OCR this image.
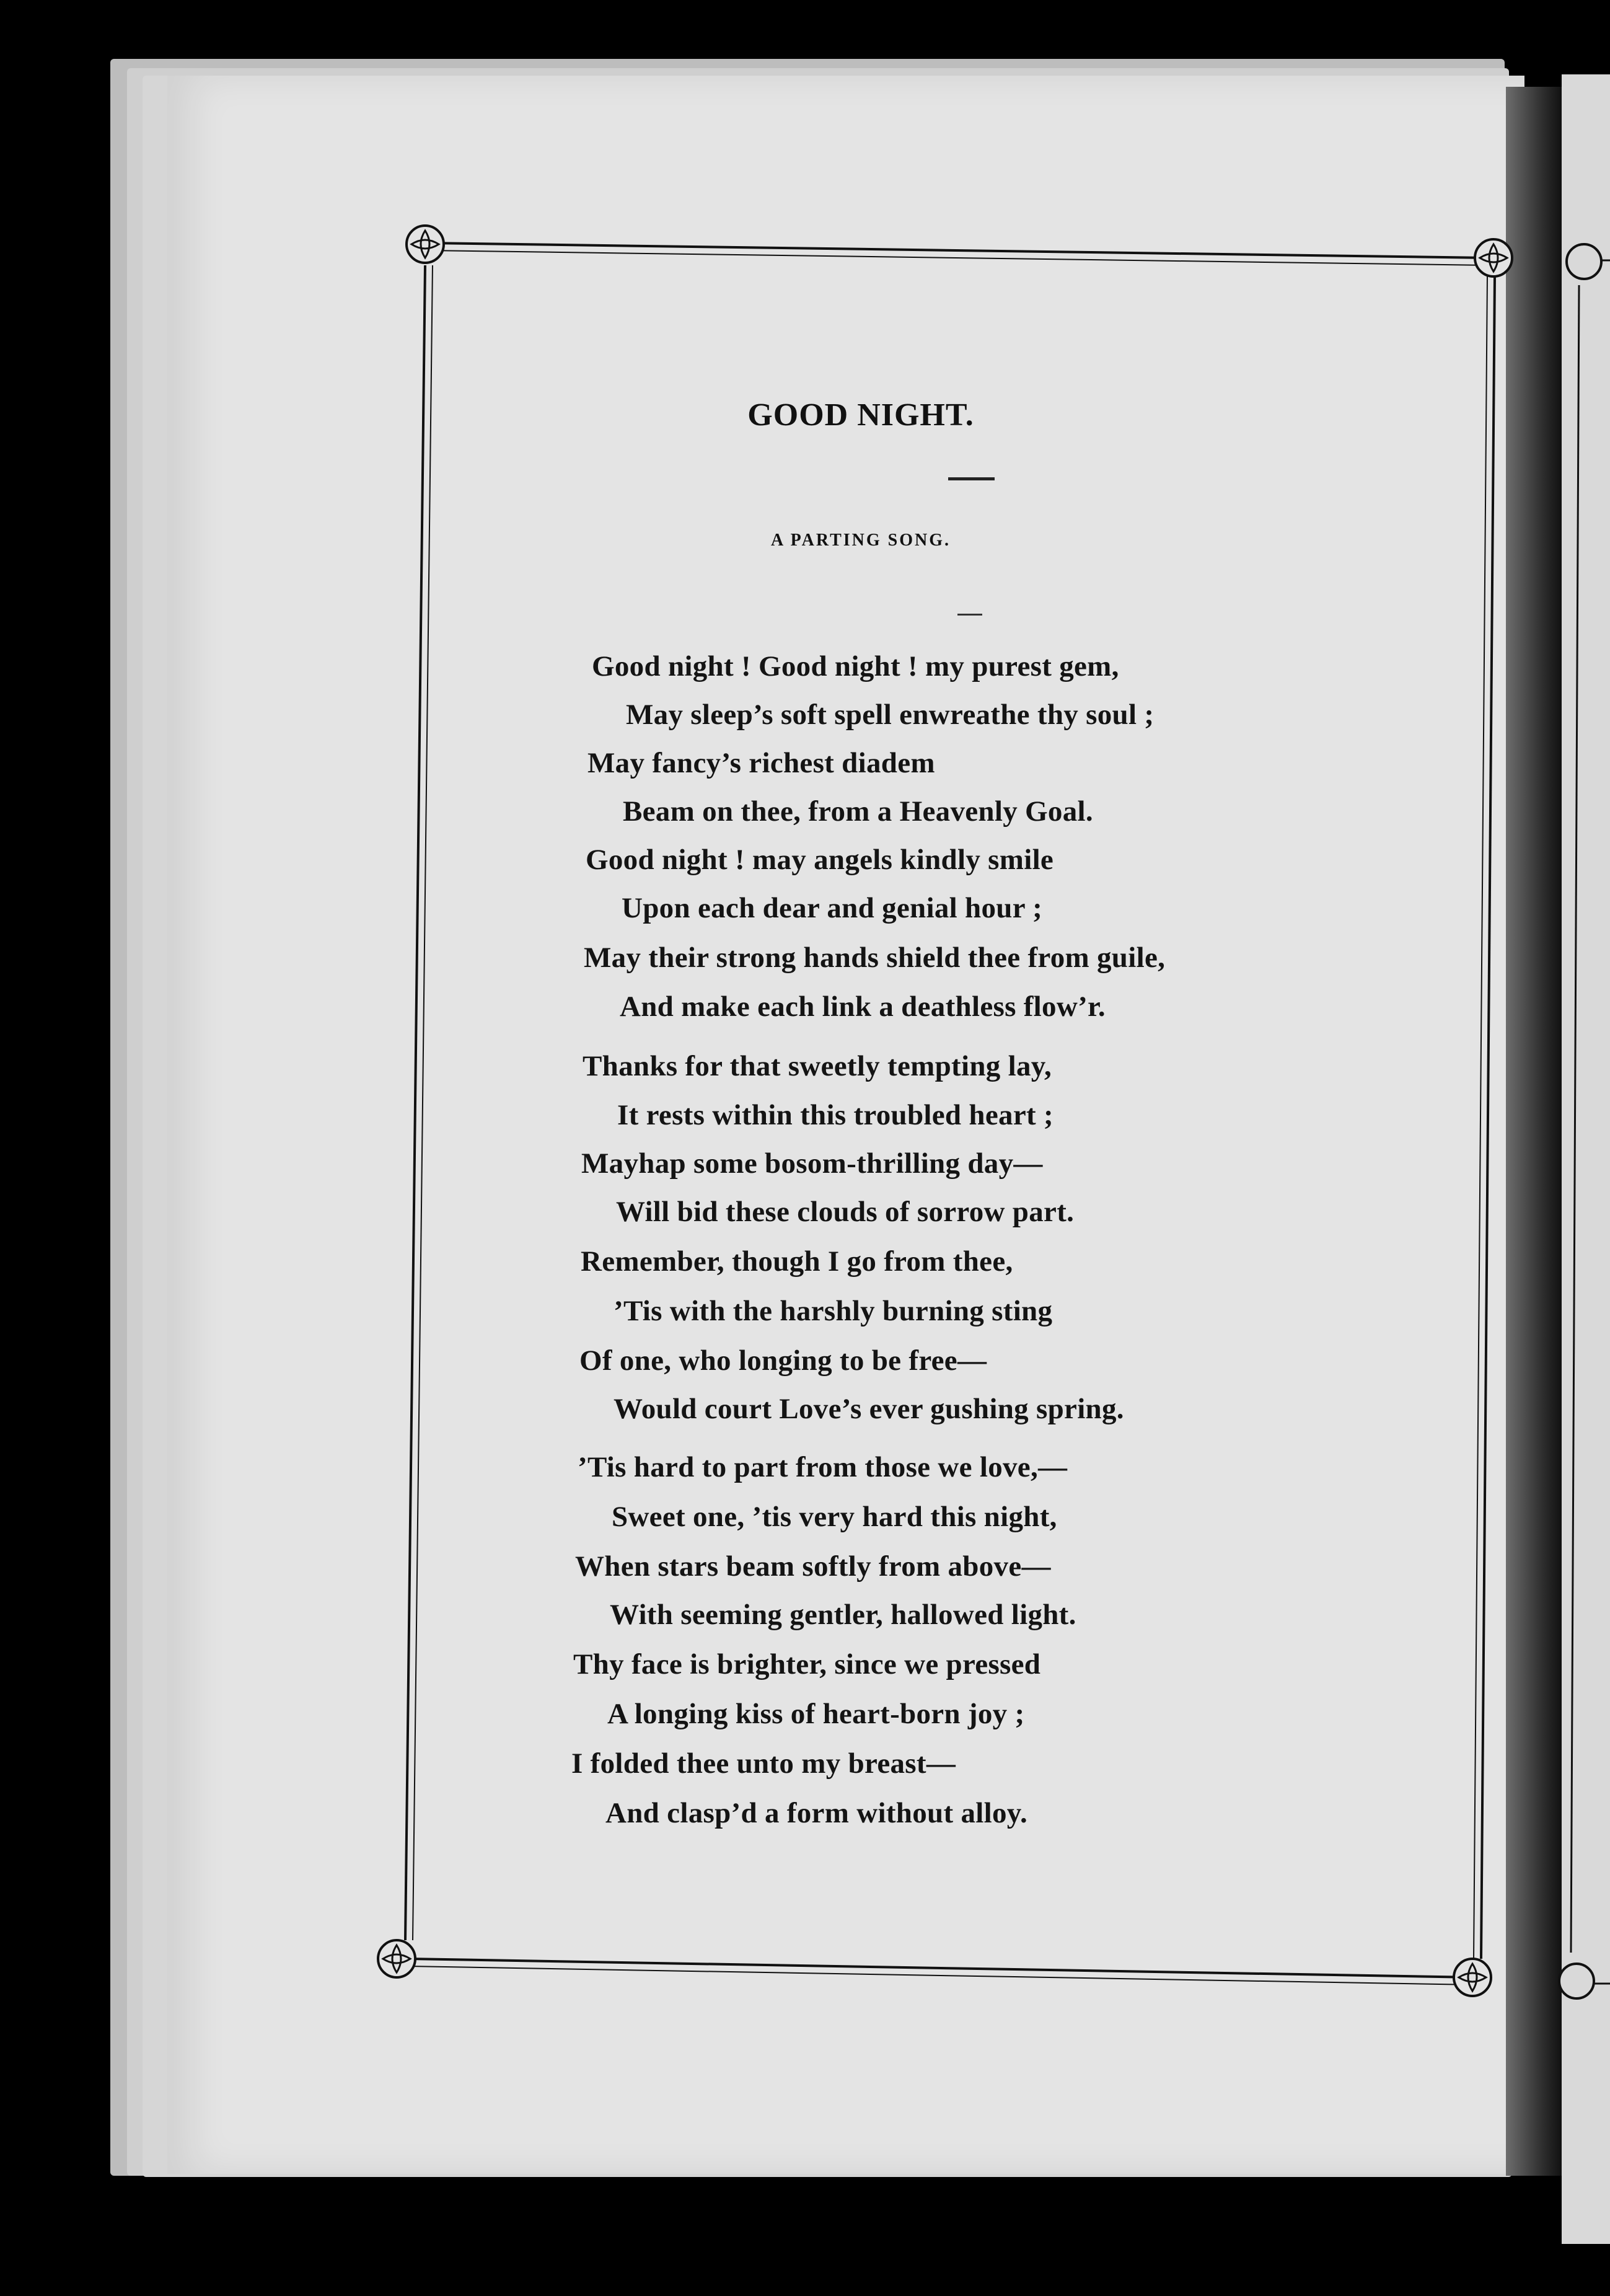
GOOD NIGHT.
A PARTING SONG.
Good night ! Good night ! my purest gem,
May sleep’s soft spell enwreathe thy soul ;
May fancy’s richest diadem
Beam on thee, from a Heavenly Goal.
Good night ! may angels kindly smile
Upon each dear and genial hour ;
May their strong hands shield thee from guile,
And make each link a deathless flow’r.
Thanks for that sweetly tempting lay,
It rests within this troubled heart ;
Mayhap some bosom-thrilling day—
Will bid these clouds of sorrow part.
Remember, though I go from thee,
’Tis with the harshly burning sting
Of one, who longing to be free—
Would court Love’s ever gushing spring.
’Tis hard to part from those we love,—
Sweet one, ’tis very hard this night,
When stars beam softly from above—
With seeming gentler, hallowed light.
Thy face is brighter, since we pressed
A longing kiss of heart-born joy ;
I folded thee unto my breast—
And clasp’d a form without alloy.
